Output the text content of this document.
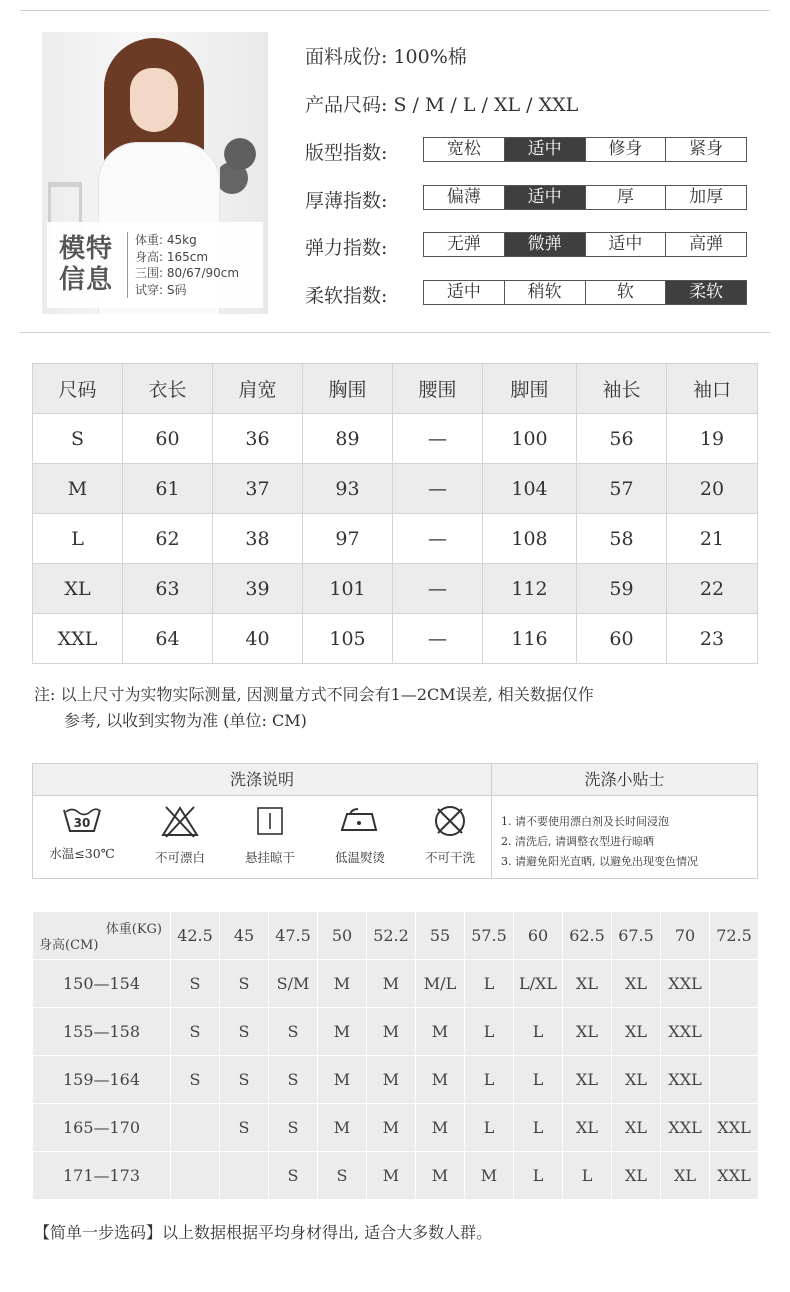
模特
信息
体重: 45kg
身高: 165cm
三围: 80/67/90cm
试穿: S码
面料成份: 100%棉
产品尺码: S / M / L / XL / XXL
版型指数:	宽松	适中	修身	紧身
厚薄指数:	偏薄	适中	厚	加厚
弹力指数:	无弹	微弹	适中	高弹
柔软指数:	适中	稍软	软	柔软
尺码	衣长	肩宽	胸围	腰围	脚围	袖长	袖口
S	60	36	89	—	100	56	19
M	61	37	93	—	104	57	20
L	62	38	97	—	108	58	21
XL	63	39	101	—	112	59	22
XXL	64	40	105	—	116	60	23
注: 以上尺寸为实物实际测量, 因测量方式不同会有1—2CM误差, 相关数据仅作
参考, 以收到实物为准 (单位: CM)
洗涤说明	洗涤小贴士
30
水温≤30℃	不可漂白	悬挂晾干	低温熨烫	不可干洗
1. 请不要使用漂白剂及长时间浸泡
2. 清洗后, 请调整衣型进行晾晒
3. 请避免阳光直晒, 以避免出现变色情况
体重(KG)
身高(CM)	42.5	45	47.5	50	52.2	55	57.5	60	62.5	67.5	70	72.5
150—154	S	S	S/M	M	M	M/L	L	L/XL	XL	XL	XXL	
155—158	S	S	S	M	M	M	L	L	XL	XL	XXL	
159—164	S	S	S	M	M	M	L	L	XL	XL	XXL	
165—170		S	S	M	M	M	L	L	XL	XL	XXL	XXL
171—173			S	S	M	M	M	L	L	XL	XL	XXL
【简单一步选码】以上数据根据平均身材得出, 适合大多数人群。
